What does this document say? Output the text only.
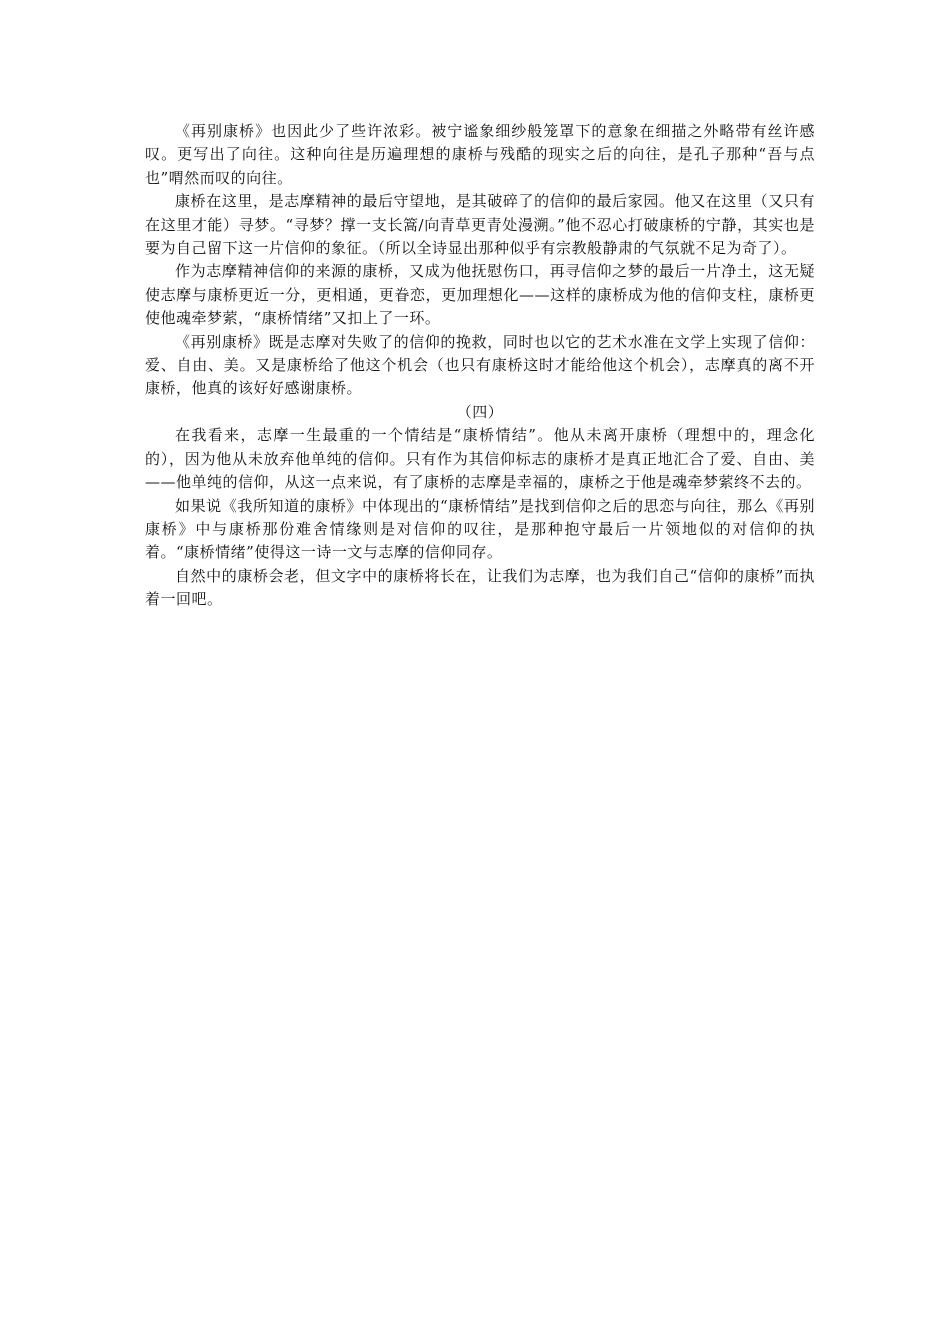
《再别康桥》也因此少了些许浓彩。被宁谧象细纱般笼罩下的意象在细描之外略带有丝许感叹。更写出了向往。这种向往是历遍理想的康桥与残酷的现实之后的向往，是孔子那种“吾与点也”喟然而叹的向往。

康桥在这里，是志摩精神的最后守望地，是其破碎了的信仰的最后家园。他又在这里（又只有在这里才能）寻梦。“寻梦？撑一支长篙/向青草更青处漫溯。”他不忍心打破康桥的宁静，其实也是要为自己留下这一片信仰的象征。（所以全诗显出那种似乎有宗教般静肃的气氛就不足为奇了）。

作为志摩精神信仰的来源的康桥，又成为他抚慰伤口，再寻信仰之梦的最后一片净土，这无疑使志摩与康桥更近一分，更相通，更眷恋，更加理想化——这样的康桥成为他的信仰支柱，康桥更使他魂牵梦萦，“康桥情绪”又扣上了一环。

《再别康桥》既是志摩对失败了的信仰的挽救，同时也以它的艺术水准在文学上实现了信仰：爱、自由、美。又是康桥给了他这个机会（也只有康桥这时才能给他这个机会），志摩真的离不开康桥，他真的该好好感谢康桥。

（四）

在我看来，志摩一生最重的一个情结是“康桥情结”。他从未离开康桥（理想中的，理念化的），因为他从未放弃他单纯的信仰。只有作为其信仰标志的康桥才是真正地汇合了爱、自由、美——他单纯的信仰，从这一点来说，有了康桥的志摩是幸福的，康桥之于他是魂牵梦萦终不去的。

如果说《我所知道的康桥》中体现出的“康桥情结”是找到信仰之后的思恋与向往，那么《再别康桥》中与康桥那份难舍情缘则是对信仰的叹往，是那种抱守最后一片领地似的对信仰的执着。“康桥情绪”使得这一诗一文与志摩的信仰同存。

自然中的康桥会老，但文字中的康桥将长在，让我们为志摩，也为我们自己“信仰的康桥”而执着一回吧。
